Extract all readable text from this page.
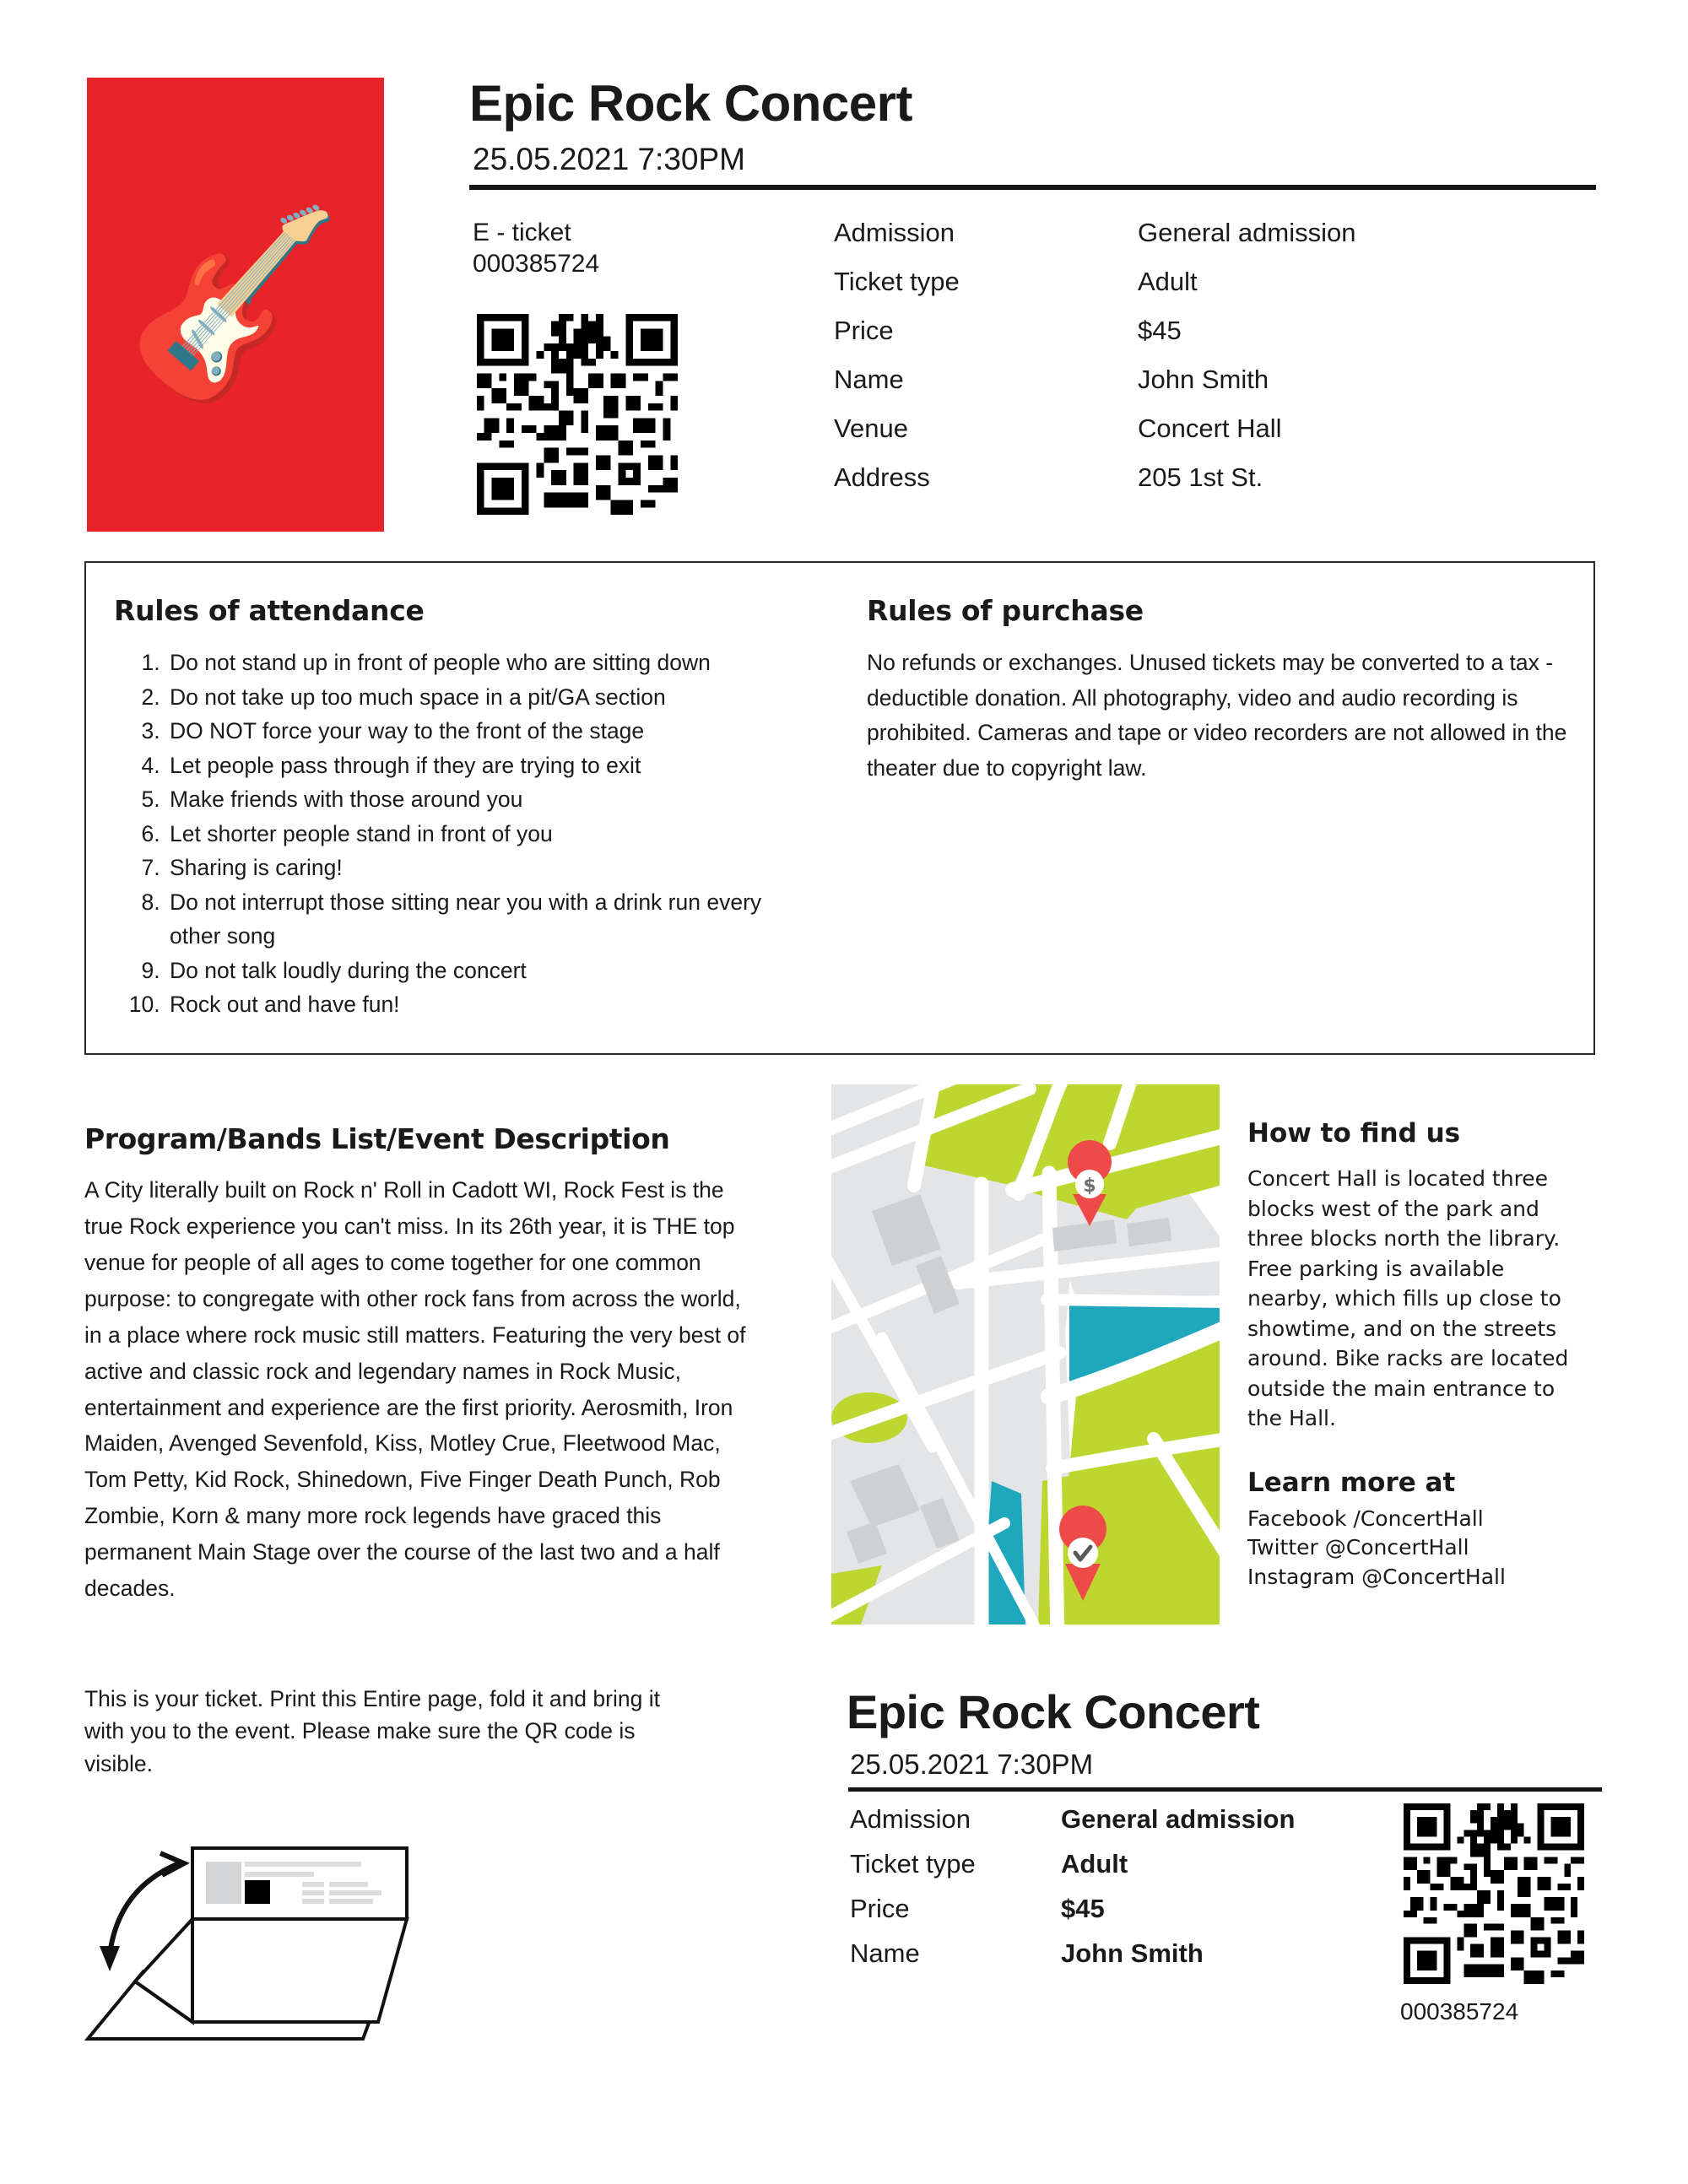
🎸
Epic Rock Concert
25.05.2021 7:30PM
E - ticket
000385724
Admission	General admission
Ticket type	Adult
Price	$45
Name	John Smith
Venue	Concert Hall
Address	205 1st St.
Rules of attendance
1. Do not stand up in front of people who are sitting down
2. Do not take up too much space in a pit/GA section
3. DO NOT force your way to the front of the stage
4. Let people pass through if they are trying to exit
5. Make friends with those around you
6. Let shorter people stand in front of you
7. Sharing is caring!
8. Do not interrupt those sitting near you with a drink run every other song
9. Do not talk loudly during the concert
10. Rock out and have fun!
Rules of purchase
No refunds or exchanges. Unused tickets may be converted to a tax - deductible donation. All photography, video and audio recording is prohibited. Cameras and tape or video recorders are not allowed in the theater due to copyright law.
Program/Bands List/Event Description

A City literally built on Rock n' Roll in Cadott WI, Rock Fest is the true Rock experience you can't miss. In its 26th year, it is THE top venue for people of all ages to come together for one common purpose: to congregate with other rock fans from across the world, in a place where rock music still matters. Featuring the very best of active and classic rock and legendary names in Rock Music, entertainment and experience are the first priority. Aerosmith, Iron Maiden, Avenged Sevenfold, Kiss, Motley Crue, Fleetwood Mac, Tom Petty, Kid Rock, Shinedown, Five Finger Death Punch, Rob Zombie, Korn & many more rock legends have graced this permanent Main Stage over the course of the last two and a half decades.

$
How to find us

Concert Hall is located three blocks west of the park and three blocks north the library. Free parking is available nearby, which fills up close to showtime, and on the streets around. Bike racks are located outside the main entrance to the Hall.

Learn more at
Facebook /ConcertHall
Twitter @ConcertHall
Instagram @ConcertHall
This is your ticket. Print this Entire page, fold it and bring it with you to the event. Please make sure the QR code is visible.
Epic Rock Concert
25.05.2021 7:30PM
Admission	General admission
Ticket type	Adult
Price	$45
Name	John Smith
000385724
